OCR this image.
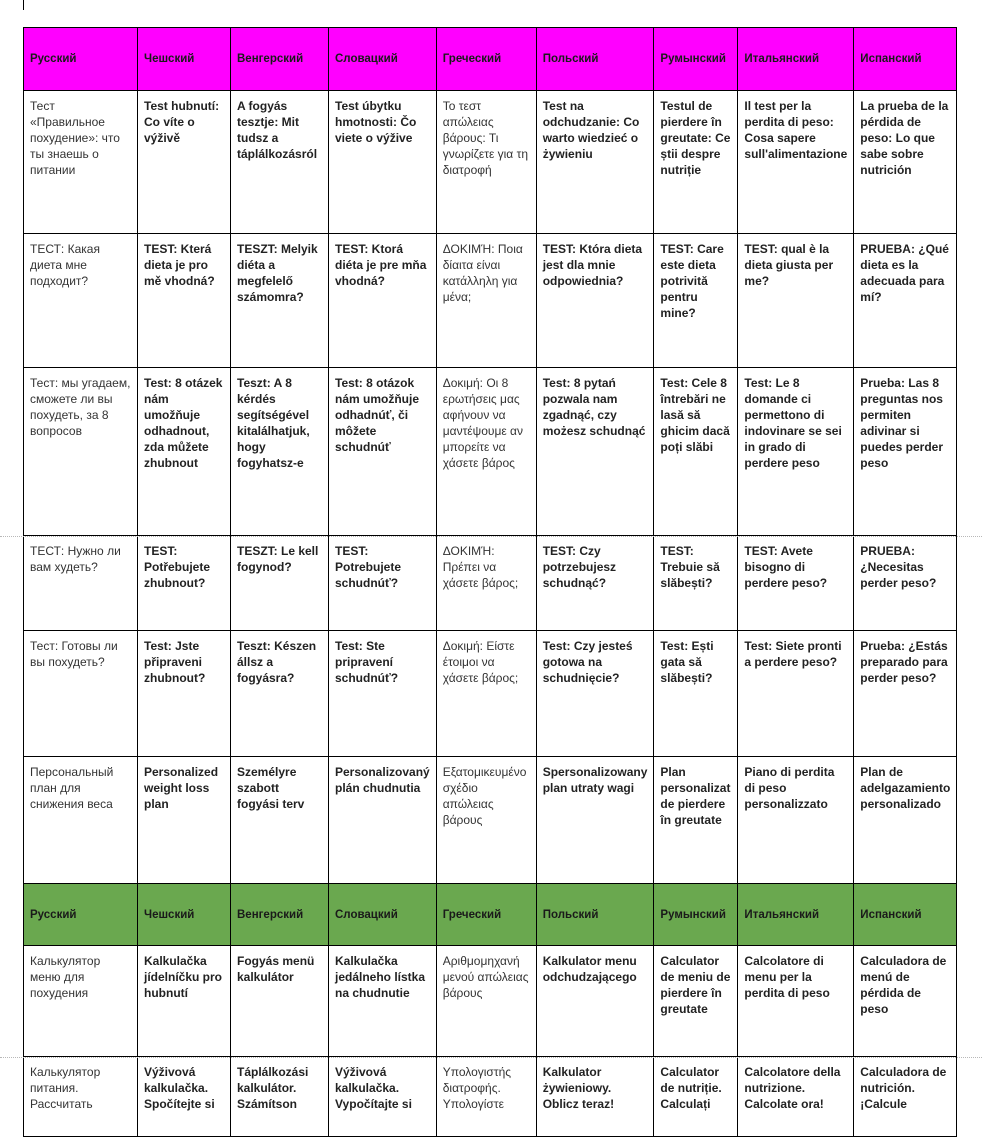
Русский	Чешский	Венгерский	Словацкий	Греческий	Польский	Румынский	Итальянский	Испанский
Тест «Правильное похудение»: что ты знаешь о питании	Test hubnutí: Co víte o výživě	A fogyás tesztje: Mit tudsz a táplálkozásról	Test úbytku hmotnosti: Čo viete o výžive	Το τεστ απώλειας βάρους: Τι γνωρίζετε για τη διατροφή	Test na odchudzanie: Co warto wiedzieć o żywieniu	Testul de pierdere în greutate: Ce știi despre nutriție	Il test per la perdita di peso: Cosa sapere sull'alimentazione	La prueba de la pérdida de peso: Lo que sabe sobre nutrición
ТЕСТ: Какая диета мне подходит?	TEST: Která dieta je pro mě vhodná?	TESZT: Melyik diéta a megfelelő számomra?	TEST: Ktorá diéta je pre mňa vhodná?	ΔΟΚΙΜΉ: Ποια δίαιτα είναι κατάλληλη για μένα;	TEST: Która dieta jest dla mnie odpowiednia?	TEST: Care este dieta potrivită pentru mine?	TEST: qual è la dieta giusta per me?	PRUEBA: ¿Qué dieta es la adecuada para mí?
Тест: мы угадаем, сможете ли вы похудеть, за 8 вопросов	Test: 8 otázek nám umožňuje odhadnout, zda můžete zhubnout	Teszt: A 8 kérdés segítségével kitalálhatjuk, hogy fogyhatsz-e	Test: 8 otázok nám umožňuje odhadnúť, či môžete schudnúť	Δοκιμή: Οι 8 ερωτήσεις μας αφήνουν να μαντέψουμε αν μπορείτε να χάσετε βάρος	Test: 8 pytań pozwala nam zgadnąć, czy możesz schudnąć	Test: Cele 8 întrebări ne lasă să ghicim dacă poți slăbi	Test: Le 8 domande ci permettono di indovinare se sei in grado di perdere peso	Prueba: Las 8 preguntas nos permiten adivinar si puedes perder peso
ТЕСТ: Нужно ли вам худеть?	TEST: Potřebujete zhubnout?	TESZT: Le kell fogynod?	TEST: Potrebujete schudnúť?	ΔΟΚΙΜΉ: Πρέπει να χάσετε βάρος;	TEST: Czy potrzebujesz schudnąć?	TEST: Trebuie să slăbești?	TEST: Avete bisogno di perdere peso?	PRUEBA: ¿Necesitas perder peso?
Тест: Готовы ли вы похудеть?	Test: Jste připraveni zhubnout?	Teszt: Készen állsz a fogyásra?	Test: Ste pripravení schudnúť?	Δοκιμή: Είστε έτοιμοι να χάσετε βάρος;	Test: Czy jesteś gotowa na schudnięcie?	Test: Ești gata să slăbești?	Test: Siete pronti a perdere peso?	Prueba: ¿Estás preparado para perder peso?
Персональный план для снижения веса	Personalized weight loss plan	Személyre szabott fogyási terv	Personalizovaný plán chudnutia	Εξατομικευμένο σχέδιο απώλειας βάρους	Spersonalizowany plan utraty wagi	Plan personalizat de pierdere în greutate	Piano di perdita di peso personalizzato	Plan de adelgazamiento personalizado
Русский	Чешский	Венгерский	Словацкий	Греческий	Польский	Румынский	Итальянский	Испанский
Калькулятор меню для похудения	Kalkulačka jídelníčku pro hubnutí	Fogyás menü kalkulátor	Kalkulačka jedálneho lístka na chudnutie	Αριθμομηχανή μενού απώλειας βάρους	Kalkulator menu odchudzającego	Calculator de meniu de pierdere în greutate	Calcolatore di menu per la perdita di peso	Calculadora de menú de pérdida de peso
Калькулятор питания. Рассчитать	Výživová kalkulačka. Spočítejte si	Táplálkozási kalkulátor. Számítson	Výživová kalkulačka. Vypočítajte si	Υπολογιστής διατροφής. Υπολογίστε	Kalkulator żywieniowy. Oblicz teraz!	Calculator de nutriție. Calculați	Calcolatore della nutrizione. Calcolate ora!	Calculadora de nutrición. ¡Calcule
